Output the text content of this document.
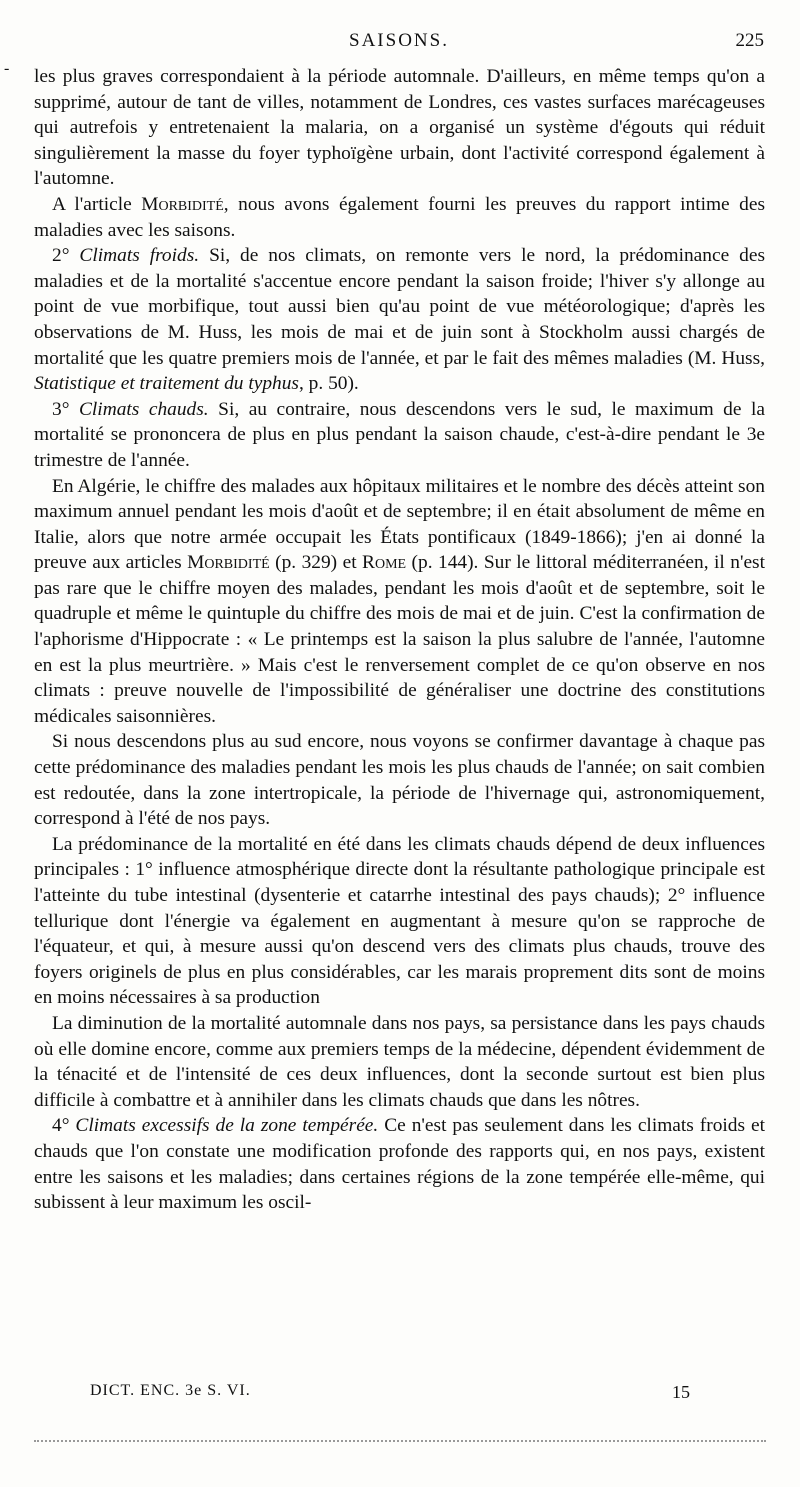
SAISONS.	225
- les plus graves correspondaient à la période automnale. D'ailleurs, en même temps qu'on a supprimé, autour de tant de villes, notamment de Londres, ces vastes surfaces marécageuses qui autrefois y entretenaient la malaria, on a organisé un système d'égouts qui réduit singulièrement la masse du foyer typhoïgène urbain, dont l'activité correspond également à l'automne.

A l'article Morbidité, nous avons également fourni les preuves du rapport intime des maladies avec les saisons.

2° Climats froids. Si, de nos climats, on remonte vers le nord, la prédominance des maladies et de la mortalité s'accentue encore pendant la saison froide; l'hiver s'y allonge au point de vue morbifique, tout aussi bien qu'au point de vue météorologique; d'après les observations de M. Huss, les mois de mai et de juin sont à Stockholm aussi chargés de mortalité que les quatre premiers mois de l'année, et par le fait des mêmes maladies (M. Huss, Statistique et traitement du typhus, p. 50).

3° Climats chauds. Si, au contraire, nous descendons vers le sud, le maximum de la mortalité se prononcera de plus en plus pendant la saison chaude, c'est-à-dire pendant le 3e trimestre de l'année.

En Algérie, le chiffre des malades aux hôpitaux militaires et le nombre des décès atteint son maximum annuel pendant les mois d'août et de septembre; il en était absolument de même en Italie, alors que notre armée occupait les États pontificaux (1849-1866); j'en ai donné la preuve aux articles Morbidité (p. 329) et Rome (p. 144). Sur le littoral méditerranéen, il n'est pas rare que le chiffre moyen des malades, pendant les mois d'août et de septembre, soit le quadruple et même le quintuple du chiffre des mois de mai et de juin. C'est la confirmation de l'aphorisme d'Hippocrate : « Le printemps est la saison la plus salubre de l'année, l'automne en est la plus meurtrière. » Mais c'est le renversement complet de ce qu'on observe en nos climats : preuve nouvelle de l'impossibilité de généraliser une doctrine des constitutions médicales saisonnières.

Si nous descendons plus au sud encore, nous voyons se confirmer davantage à chaque pas cette prédominance des maladies pendant les mois les plus chauds de l'année; on sait combien est redoutée, dans la zone intertropicale, la période de l'hivernage qui, astronomiquement, correspond à l'été de nos pays.

La prédominance de la mortalité en été dans les climats chauds dépend de deux influences principales : 1° influence atmosphérique directe dont la résultante pathologique principale est l'atteinte du tube intestinal (dysenterie et catarrhe intestinal des pays chauds); 2° influence tellurique dont l'énergie va également en augmentant à mesure qu'on se rapproche de l'équateur, et qui, à mesure aussi qu'on descend vers des climats plus chauds, trouve des foyers originels de plus en plus considérables, car les marais proprement dits sont de moins en moins nécessaires à sa production

La diminution de la mortalité automnale dans nos pays, sa persistance dans les pays chauds où elle domine encore, comme aux premiers temps de la médecine, dépendent évidemment de la ténacité et de l'intensité de ces deux influences, dont la seconde surtout est bien plus difficile à combattre et à annihiler dans les climats chauds que dans les nôtres.

4° Climats excessifs de la zone tempérée. Ce n'est pas seulement dans les climats froids et chauds que l'on constate une modification profonde des rapports qui, en nos pays, existent entre les saisons et les maladies; dans certaines régions de la zone tempérée elle-même, qui subissent à leur maximum les oscil-

DICT. ENC. 3e S. VI.	15
